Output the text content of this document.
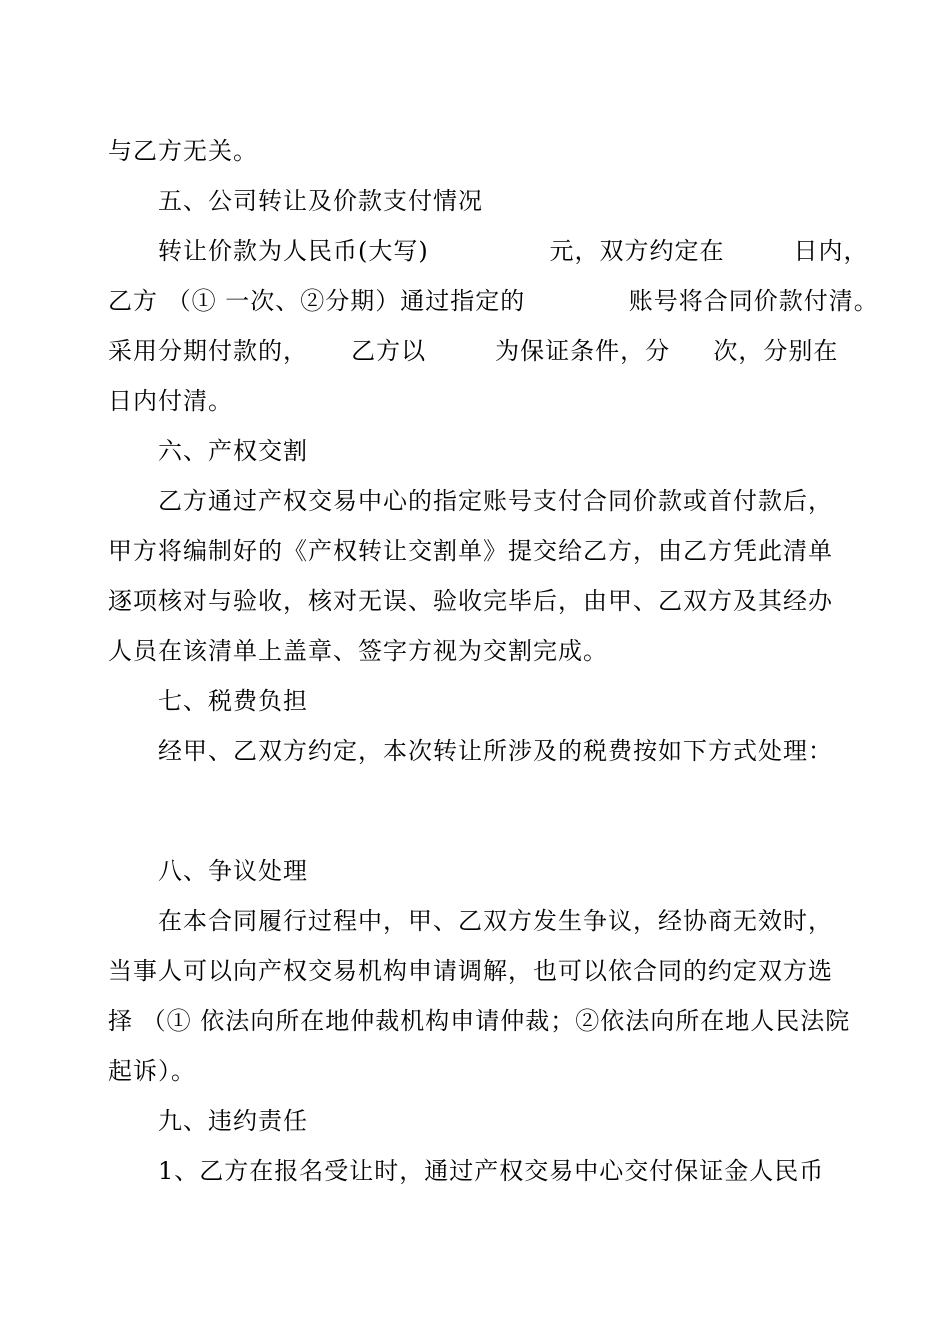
与乙方无关。
五、公司转让及价款支付情况
转让价款为人民币(大写)              元，双方约定在        日内，
乙方 （① 一次、②分期）通过指定的            账号将合同价款付清。
采用分期付款的，     乙方以        为保证条件，分     次，分别在
日内付清。
六、产权交割
乙方通过产权交易中心的指定账号支付合同价款或首付款后，
甲方将编制好的《产权转让交割单》提交给乙方，由乙方凭此清单
逐项核对与验收，核对无误、验收完毕后，由甲、乙双方及其经办
人员在该清单上盖章、签字方视为交割完成。
七、税费负担
经甲、乙双方约定，本次转让所涉及的税费按如下方式处理：
八、争议处理
在本合同履行过程中，甲、乙双方发生争议，经协商无效时，
当事人可以向产权交易机构申请调解，也可以依合同的约定双方选
择 （① 依法向所在地仲裁机构申请仲裁；②依法向所在地人民法院
起诉）。
九、违约责任
1、乙方在报名受让时，通过产权交易中心交付保证金人民币
